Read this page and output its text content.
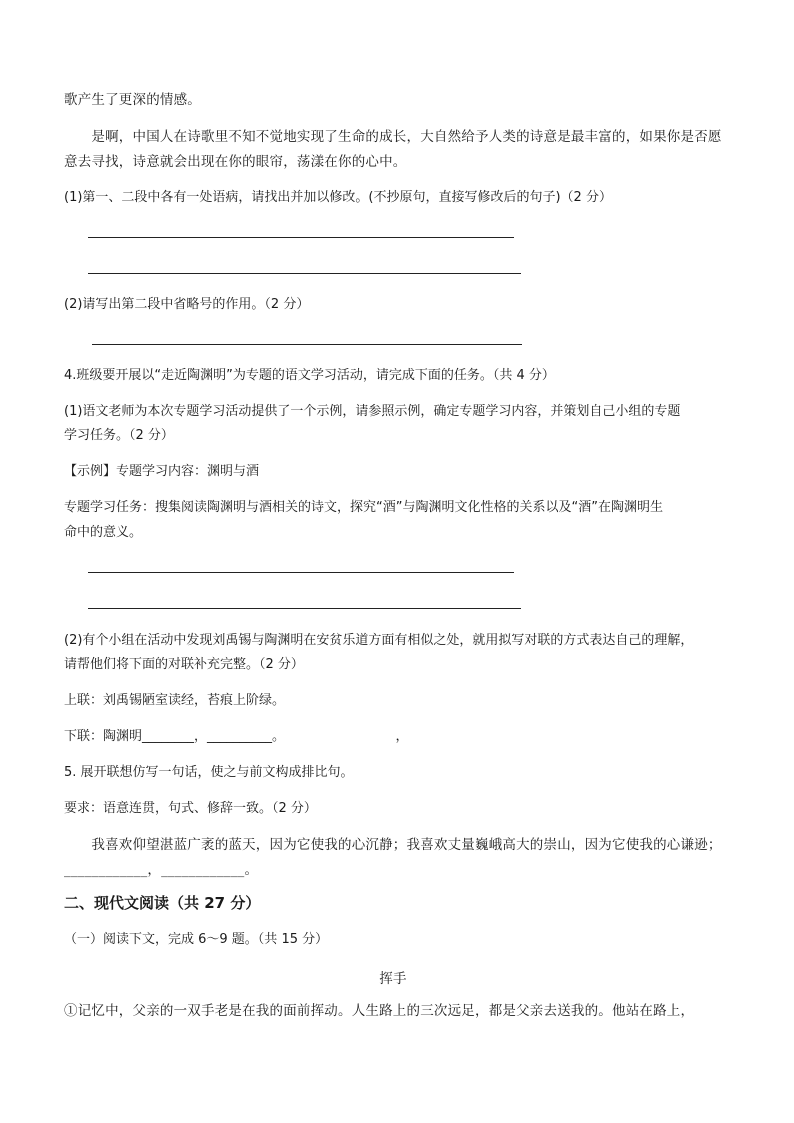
歌产生了更深的情感。
　　是啊，中国人在诗歌里不知不觉地实现了生命的成长，大自然给予人类的诗意是最丰富的，如果你是否愿
意去寻找，诗意就会出现在你的眼帘，荡漾在你的心中。
(1)第一、二段中各有一处语病，请找出并加以修改。(不抄原句，直接写修改后的句子)（2 分）
(2)请写出第二段中省略号的作用。（2 分）
4.班级要开展以“走近陶渊明”为专题的语文学习活动，请完成下面的任务。（共 4 分）
(1)语文老师为本次专题学习活动提供了一个示例，请参照示例，确定专题学习内容，并策划自己小组的专题
学习任务。（2 分）
【示例】专题学习内容：渊明与酒
专题学习任务：搜集阅读陶渊明与酒相关的诗文，探究“酒”与陶渊明文化性格的关系以及“酒”在陶渊明生
命中的意义。
(2)有个小组在活动中发现刘禹锡与陶渊明在安贫乐道方面有相似之处，就用拟写对联的方式表达自己的理解，
请帮他们将下面的对联补充完整。（2 分）
上联：刘禹锡陋室读经，苔痕上阶绿。
下联：陶渊明________，__________。　　　　　　　　　，
5. 展开联想仿写一句话，使之与前文构成排比句。
要求：语意连贯，句式、修辞一致。（2 分）
　　我喜欢仰望湛蓝广袤的蓝天，因为它使我的心沉静；我喜欢丈量巍峨高大的崇山，因为它使我的心谦逊；
____________，____________。
二、现代文阅读（共 27 分）
（一）阅读下文，完成 6～9 题。（共 15 分）
挥手
①记忆中，父亲的一双手老是在我的面前挥动。人生路上的三次远足，都是父亲去送我的。他站在路上，
